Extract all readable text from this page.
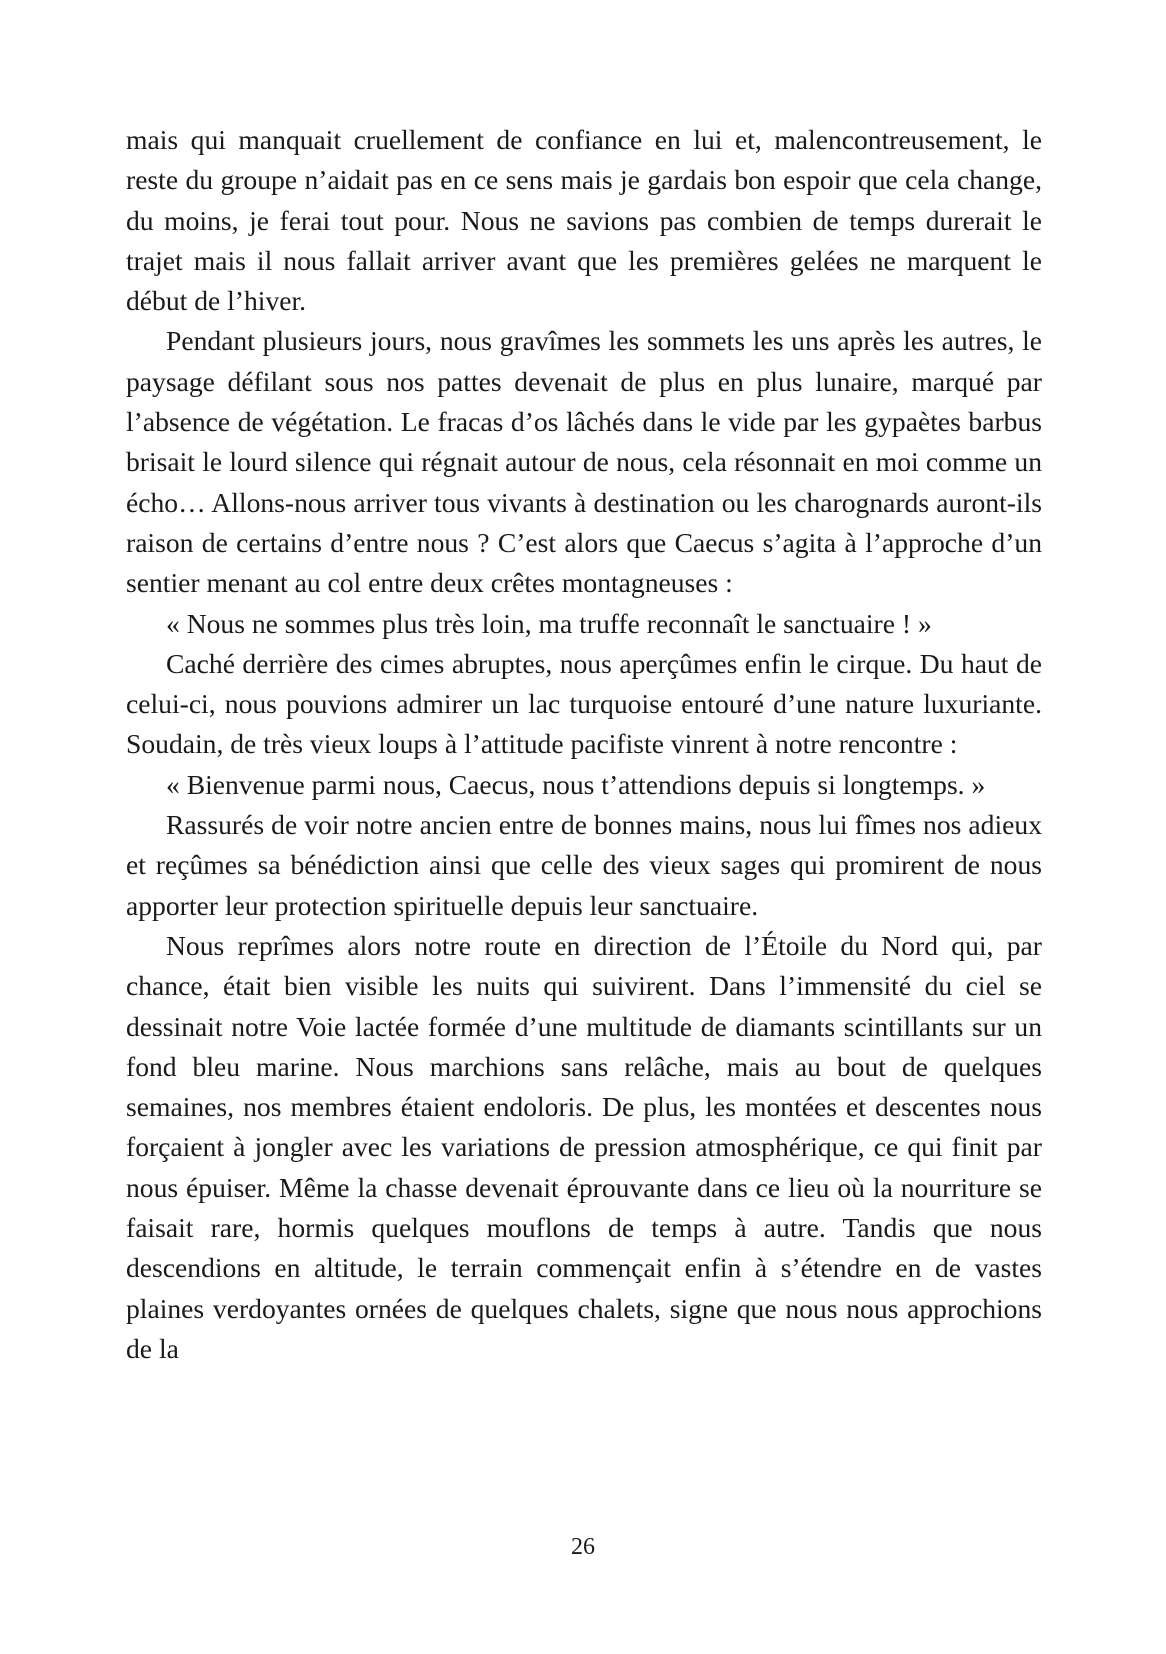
mais qui manquait cruellement de confiance en lui et, malencontreusement, le reste du groupe n’aidait pas en ce sens mais je gardais bon espoir que cela change, du moins, je ferai tout pour. Nous ne savions pas combien de temps durerait le trajet mais il nous fallait arriver avant que les premières gelées ne marquent le début de l’hiver.

Pendant plusieurs jours, nous gravîmes les sommets les uns après les autres, le paysage défilant sous nos pattes devenait de plus en plus lunaire, marqué par l’absence de végétation. Le fracas d’os lâchés dans le vide par les gypaètes barbus brisait le lourd silence qui régnait autour de nous, cela résonnait en moi comme un écho… Allons-nous arriver tous vivants à destination ou les charognards auront-ils raison de certains d’entre nous ? C’est alors que Caecus s’agita à l’approche d’un sentier menant au col entre deux crêtes montagneuses :

« Nous ne sommes plus très loin, ma truffe reconnaît le sanctuaire ! »

Caché derrière des cimes abruptes, nous aperçûmes enfin le cirque. Du haut de celui-ci, nous pouvions admirer un lac turquoise entouré d’une nature luxuriante. Soudain, de très vieux loups à l’attitude pacifiste vinrent à notre rencontre :

« Bienvenue parmi nous, Caecus, nous t’attendions depuis si longtemps. »

Rassurés de voir notre ancien entre de bonnes mains, nous lui fîmes nos adieux et reçûmes sa bénédiction ainsi que celle des vieux sages qui promirent de nous apporter leur protection spirituelle depuis leur sanctuaire.

Nous reprîmes alors notre route en direction de l’Étoile du Nord qui, par chance, était bien visible les nuits qui suivirent. Dans l’immensité du ciel se dessinait notre Voie lactée formée d’une multitude de diamants scintillants sur un fond bleu marine. Nous marchions sans relâche, mais au bout de quelques semaines, nos membres étaient endoloris. De plus, les montées et descentes nous forçaient à jongler avec les variations de pression atmosphérique, ce qui finit par nous épuiser. Même la chasse devenait éprouvante dans ce lieu où la nourriture se faisait rare, hormis quelques mouflons de temps à autre. Tandis que nous descendions en altitude, le terrain commençait enfin à s’étendre en de vastes plaines verdoyantes ornées de quelques chalets, signe que nous nous approchions de la

26
